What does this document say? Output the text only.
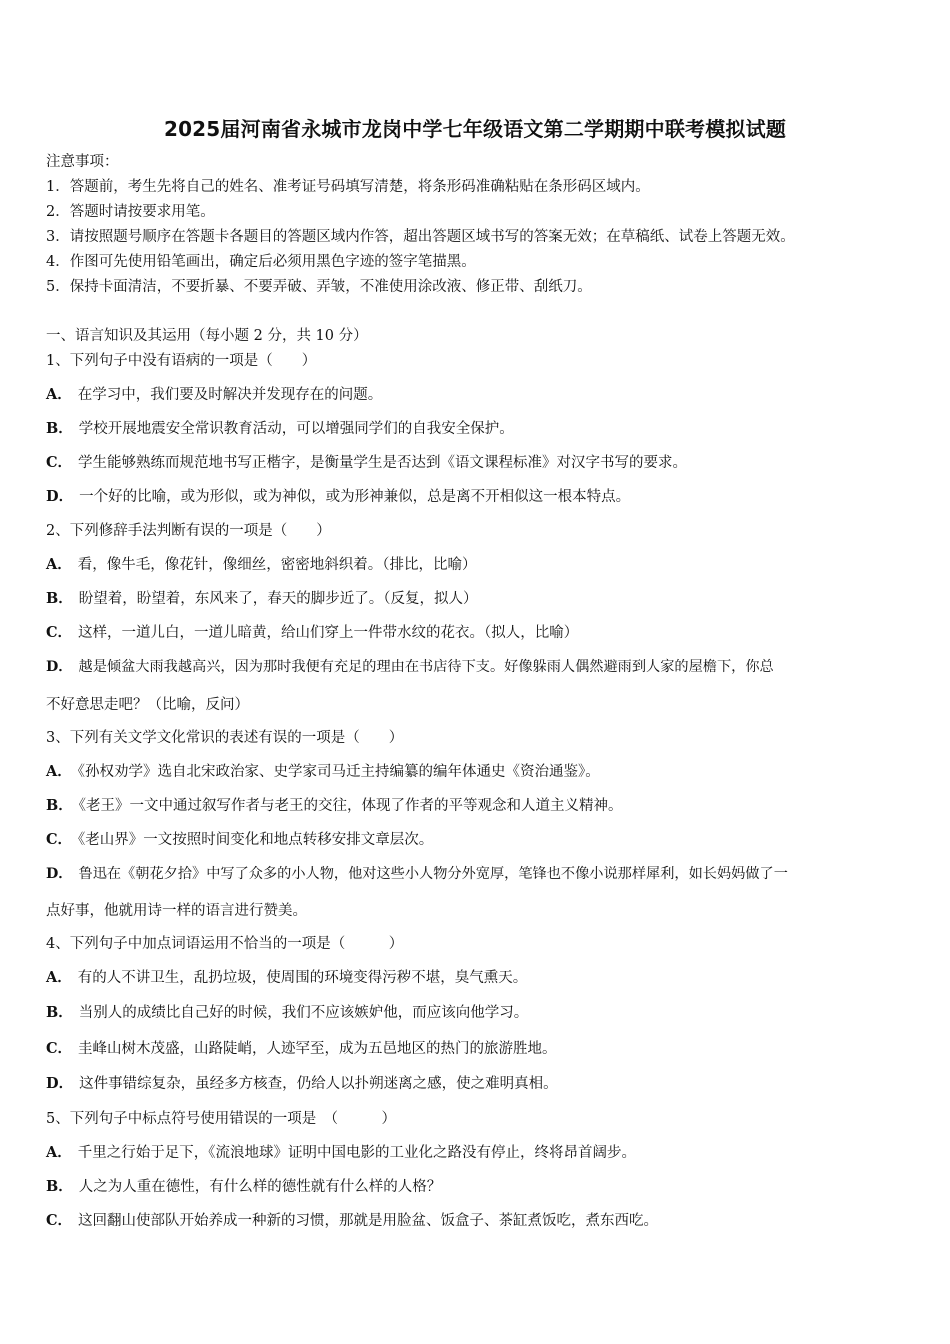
2025届河南省永城市龙岗中学七年级语文第二学期期中联考模拟试题
注意事项：
1．答题前，考生先将自己的姓名、准考证号码填写清楚，将条形码准确粘贴在条形码区域内。
2．答题时请按要求用笔。
3．请按照题号顺序在答题卡各题目的答题区域内作答，超出答题区域书写的答案无效；在草稿纸、试卷上答题无效。
4．作图可先使用铅笔画出，确定后必须用黑色字迹的签字笔描黑。
5．保持卡面清洁，不要折暴、不要弄破、弄皱，不准使用涂改液、修正带、刮纸刀。
一、语言知识及其运用（每小题 2 分，共 10 分）
1、下列句子中没有语病的一项是（　　）
A． 在学习中，我们要及时解决并发现存在的问题。
B． 学校开展地震安全常识教育活动，可以增强同学们的自我安全保护。
C． 学生能够熟练而规范地书写正楷字，是衡量学生是否达到《语文课程标准》对汉字书写的要求。
D． 一个好的比喻，或为形似，或为神似，或为形神兼似，总是离不开相似这一根本特点。
2、下列修辞手法判断有误的一项是（　　）
A． 看，像牛毛，像花针，像细丝，密密地斜织着。（排比，比喻）
B． 盼望着，盼望着，东风来了，春天的脚步近了。（反复，拟人）
C． 这样，一道儿白，一道儿暗黄，给山们穿上一件带水纹的花衣。（拟人，比喻）
D． 越是倾盆大雨我越高兴，因为那时我便有充足的理由在书店待下支。好像躲雨人偶然避雨到人家的屋檐下，你总
不好意思走吧？（比喻，反问）
3、下列有关文学文化常识的表述有误的一项是（　　）
A． 《孙权劝学》选自北宋政治家、史学家司马迁主持编纂的编年体通史《资治通鉴》。
B． 《老王》一文中通过叙写作者与老王的交往，体现了作者的平等观念和人道主义精神。
C． 《老山界》一文按照时间变化和地点转移安排文章层次。
D． 鲁迅在《朝花夕拾》中写了众多的小人物，他对这些小人物分外宽厚，笔锋也不像小说那样犀利，如长妈妈做了一
点好事，他就用诗一样的语言进行赞美。
4、下列句子中加点词语运用不恰当的一项是（　　　）
A． 有的人不讲卫生，乱扔垃圾，使周围的环境变得污秽不堪，臭气熏天。
B． 当别人的成绩比自己好的时候，我们不应该嫉妒他，而应该向他学习。
C． 圭峰山树木茂盛，山路陡峭，人迹罕至，成为五邑地区的热门的旅游胜地。
D． 这件事错综复杂，虽经多方核查，仍给人以扑朔迷离之感，使之难明真相。
5、下列句子中标点符号使用错误的一项是　（　　　）
A． 千里之行始于足下，《流浪地球》证明中国电影的工业化之路没有停止，终将昂首阔步。
B． 人之为人重在德性，有什么样的德性就有什么样的人格？
C． 这回翻山使部队开始养成一种新的习惯，那就是用脸盆、饭盒子、茶缸煮饭吃，煮东西吃。
